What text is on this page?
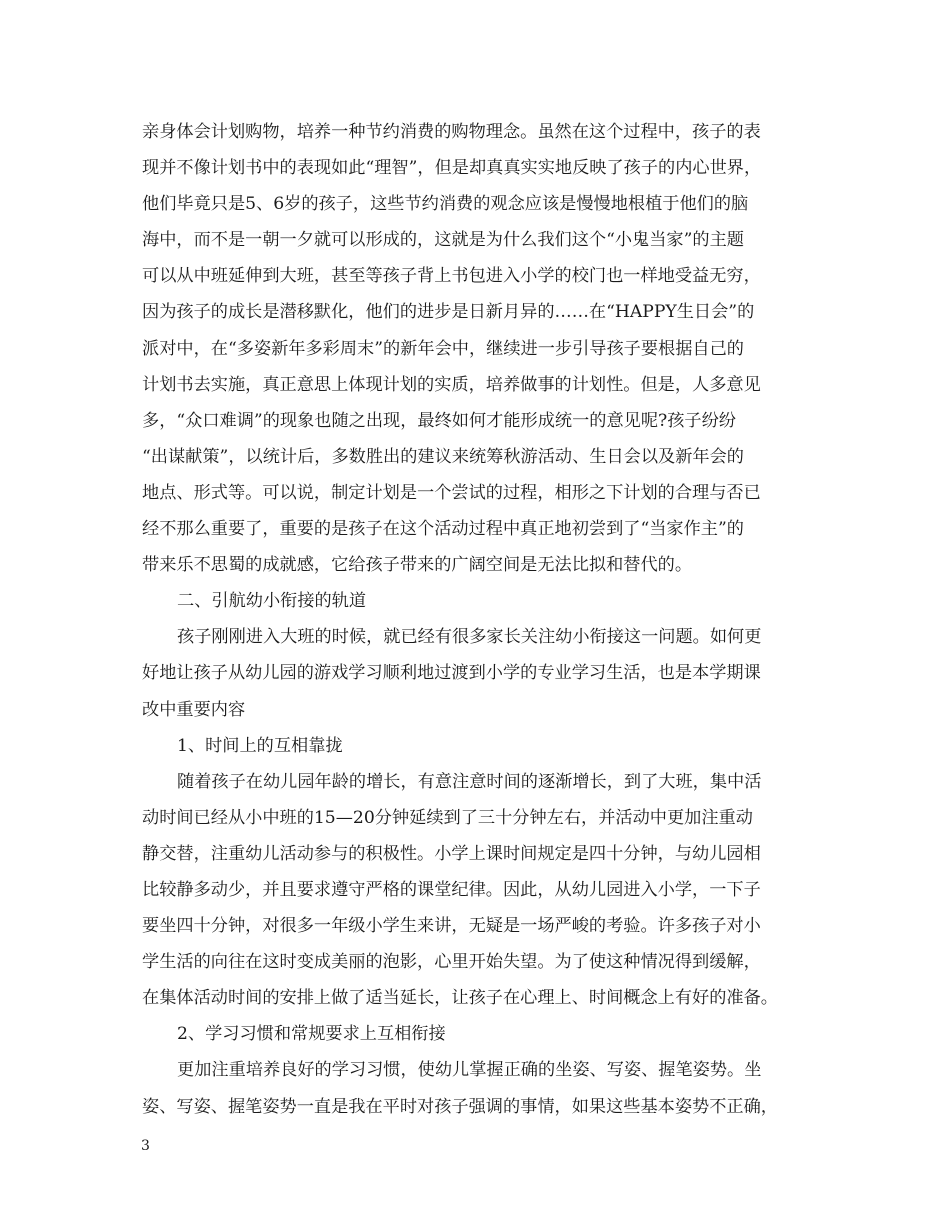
亲身体会计划购物，培养一种节约消费的购物理念。虽然在这个过程中，孩子的表
现并不像计划书中的表现如此“理智”，但是却真真实实地反映了孩子的内心世界，
他们毕竟只是5、6岁的孩子，这些节约消费的观念应该是慢慢地根植于他们的脑
海中，而不是一朝一夕就可以形成的，这就是为什么我们这个“小鬼当家”的主题
可以从中班延伸到大班，甚至等孩子背上书包进入小学的校门也一样地受益无穷，
因为孩子的成长是潜移默化，他们的进步是日新月异的……在“HAPPY生日会”的
派对中，在“多姿新年多彩周末”的新年会中，继续进一步引导孩子要根据自己的
计划书去实施，真正意思上体现计划的实质，培养做事的计划性。但是，人多意见
多，“众口难调”的现象也随之出现，最终如何才能形成统一的意见呢?孩子纷纷
“出谋献策”，以统计后，多数胜出的建议来统筹秋游活动、生日会以及新年会的
地点、形式等。可以说，制定计划是一个尝试的过程，相形之下计划的合理与否已
经不那么重要了，重要的是孩子在这个活动过程中真正地初尝到了“当家作主”的
带来乐不思蜀的成就感，它给孩子带来的广阔空间是无法比拟和替代的。
二、引航幼小衔接的轨道
孩子刚刚进入大班的时候，就已经有很多家长关注幼小衔接这一问题。如何更
好地让孩子从幼儿园的游戏学习顺利地过渡到小学的专业学习生活，也是本学期课
改中重要内容
1、时间上的互相靠拢
随着孩子在幼儿园年龄的增长，有意注意时间的逐渐增长，到了大班，集中活
动时间已经从小中班的15—20分钟延续到了三十分钟左右，并活动中更加注重动
静交替，注重幼儿活动参与的积极性。小学上课时间规定是四十分钟，与幼儿园相
比较静多动少，并且要求遵守严格的课堂纪律。因此，从幼儿园进入小学，一下子
要坐四十分钟，对很多一年级小学生来讲，无疑是一场严峻的考验。许多孩子对小
学生活的向往在这时变成美丽的泡影，心里开始失望。为了使这种情况得到缓解，
在集体活动时间的安排上做了适当延长，让孩子在心理上、时间概念上有好的准备。
2、学习习惯和常规要求上互相衔接
更加注重培养良好的学习习惯，使幼儿掌握正确的坐姿、写姿、握笔姿势。坐
姿、写姿、握笔姿势一直是我在平时对孩子强调的事情，如果这些基本姿势不正确，
3
